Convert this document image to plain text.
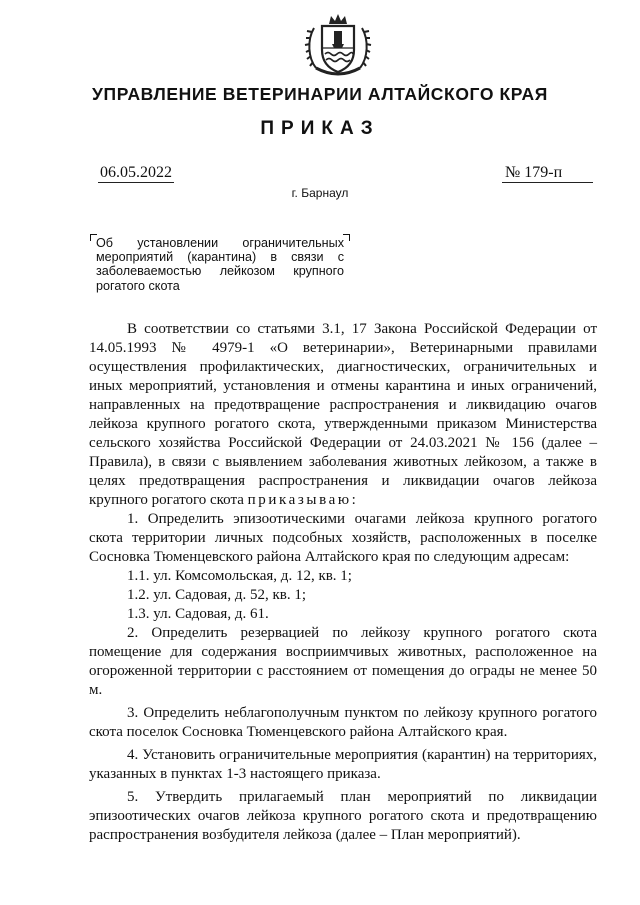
УПРАВЛЕНИЕ ВЕТЕРИНАРИИ АЛТАЙСКОГО КРАЯ
ПРИКАЗ
06.05.2022	№ 179-п
г. Барнаул
Об установлении ограничительных мероприятий (карантина) в связи с заболеваемостью лейкозом крупного рогатого скота

В соответствии со статьями 3.1, 17 Закона Российской Федерации от 14.05.1993 № 4979-1 «О ветеринарии», Ветеринарными правилами осуществления профилактических, диагностических, ограничительных и иных мероприятий, установления и отмены карантина и иных ограничений, направленных на предотвращение распространения и ликвидацию очагов лейкоза крупного рогатого скота, утвержденными приказом Министерства сельского хозяйства Российской Федерации от 24.03.2021 № 156 (далее – Правила), в связи с выявлением заболевания животных лейкозом, а также в целях предотвращения распространения и ликвидации очагов лейкоза крупного рогатого скота приказываю:

1. Определить эпизоотическими очагами лейкоза крупного рогатого скота территории личных подсобных хозяйств, расположенных в поселке Сосновка Тюменцевского района Алтайского края по следующим адресам:

1.1. ул. Комсомольская, д. 12, кв. 1;

1.2. ул. Садовая, д. 52, кв. 1;

1.3. ул. Садовая, д. 61.

2. Определить резервацией по лейкозу крупного рогатого скота помещение для содержания восприимчивых животных, расположенное на огороженной территории с расстоянием от помещения до ограды не менее 50 м.

3. Определить неблагополучным пунктом по лейкозу крупного рогатого скота поселок Сосновка Тюменцевского района Алтайского края.

4. Установить ограничительные мероприятия (карантин) на территориях, указанных в пунктах 1-3 настоящего приказа.

5. Утвердить прилагаемый план мероприятий по ликвидации эпизоотических очагов лейкоза крупного рогатого скота и предотвращению распространения возбудителя лейкоза (далее – План мероприятий).
